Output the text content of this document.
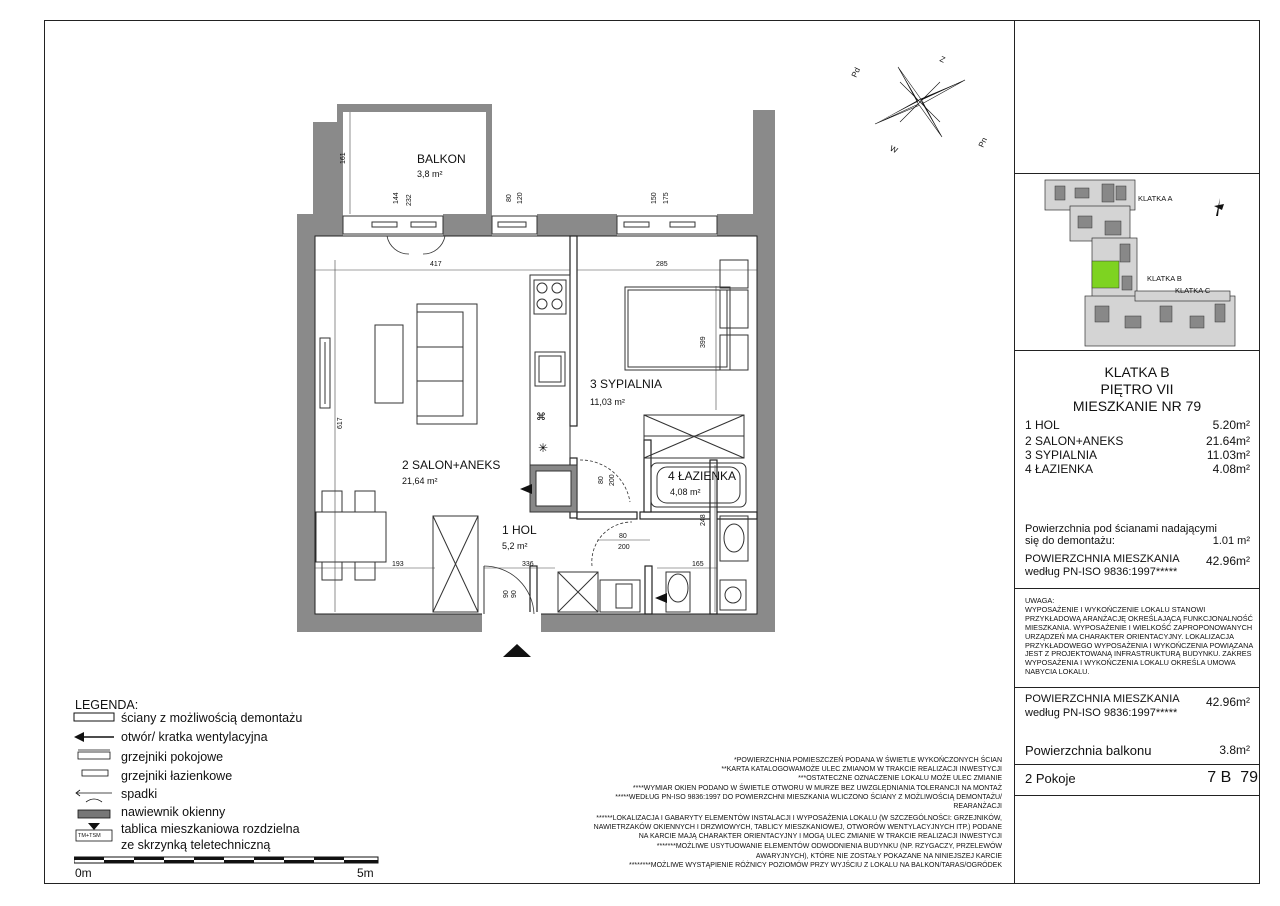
✳
⌘
BALKON
3,8 m²
2 SALON+ANEKS
21,64 m²
3 SYPIALNIA
11,03 m²
4 ŁAZIENKA
4,08 m²
1 HOL
5,2 m²
417	285
193	336	165
80
200
161
144 232	80 120	150 175
617
399
248
90
80 200
90
Pd
Z
Pn
W
KLATKA A
KLATKA B
KLATKA C
KLATKA B
PIĘTRO VII
MIESZKANIE NR 79
1 HOL	5.20m²
2 SALON+ANEKS	21.64m²
3 SYPIALNIA	11.03m²
4 ŁAZIENKA	4.08m²
Powierzchnia pod ścianami nadającymi
się do demontażu:	1.01 m²
POWIERZCHNIA MIESZKANIA
według PN-ISO 9836:1997*****
42.96m²
UWAGA:
WYPOSAŻENIE I WYKOŃCZENIE LOKALU STANOWI PRZYKŁADOWĄ ARANŻACJĘ OKREŚLAJĄCĄ FUNKCJONALNOŚĆ MIESZKANIA. WYPOSAŻENIE I WIELKOŚĆ ZAPROPONOWANYCH URZĄDZEŃ MA CHARAKTER ORIENTACYJNY. LOKALIZACJA PRZYKŁADOWEGO WYPOSAŻENIA I WYKOŃCZENIA POWIĄZANA JEST Z PROJEKTOWANĄ INFRASTRUKTURĄ BUDYNKU. ZAKRES WYPOSAŻENIA I WYKOŃCZENIA LOKALU OKREŚLA UMOWA NABYCIA LOKALU.
POWIERZCHNIA MIESZKANIA
według PN-ISO 9836:1997*****
42.96m²
Powierzchnia balkonu	3.8m²
2 Pokoje	7 B  79
LEGENDA:
TM+TSM
ściany z możliwością demontażu
otwór/ kratka wentylacyjna
grzejniki pokojowe
grzejniki łazienkowe
spadki
nawiewnik okienny
tablica mieszkaniowa rozdzielna
ze skrzynką teletechniczną
0m	5m
*POWIERZCHNIA POMIESZCZEŃ PODANA W ŚWIETLE WYKOŃCZONYCH ŚCIAN
**KARTA KATALOGOWAMOŻE ULEC ZMIANOM W TRAKCIE REALIZACJI INWESTYCJI
***OSTATECZNE OZNACZENIE LOKALU MOŻE ULEC ZMIANIE
****WYMIAR OKIEN PODANO W ŚWIETLE OTWORU W MURZE BEZ UWZGLĘDNIANIA TOLERANCJI NA MONTAŻ
*****WEDŁUG PN-ISO 9836:1997 DO POWIERZCHNI MIESZKANIA WLICZONO ŚCIANY Z MOŻLIWOŚCIĄ DEMONTAŻU/
REARANŻACJI
******LOKALIZACJA I GABARYTY ELEMENTÓW INSTALACJI I WYPOSAŻENIA LOKALU (W SZCZEGÓLNOŚCI: GRZEJNIKÓW,
NAWIETRZAKÓW OKIENNYCH I DRZWIOWYCH, TABLICY MIESZKANIOWEJ, OTWORÓW WENTYLACYJNYCH ITP.) PODANE
NA KARCIE MAJĄ CHARAKTER ORIENTACYJNY I MOGĄ ULEC ZMIANIE W TRAKCIE REALIZACJI INWESTYCJI
*******MOŻLIWE USYTUOWANIE ELEMENTÓW ODWODNIENIA BUDYNKU (NP. RZYGACZY, PRZELEWÓW
AWARYJNYCH), KTÓRE NIE ZOSTAŁY POKAZANE NA NINIEJSZEJ KARCIE
********MOŻLIWE WYSTĄPIENIE RÓŻNICY POZIOMÓW PRZY WYJŚCIU Z LOKALU NA BALKON/TARAS/OGRÓDEK
